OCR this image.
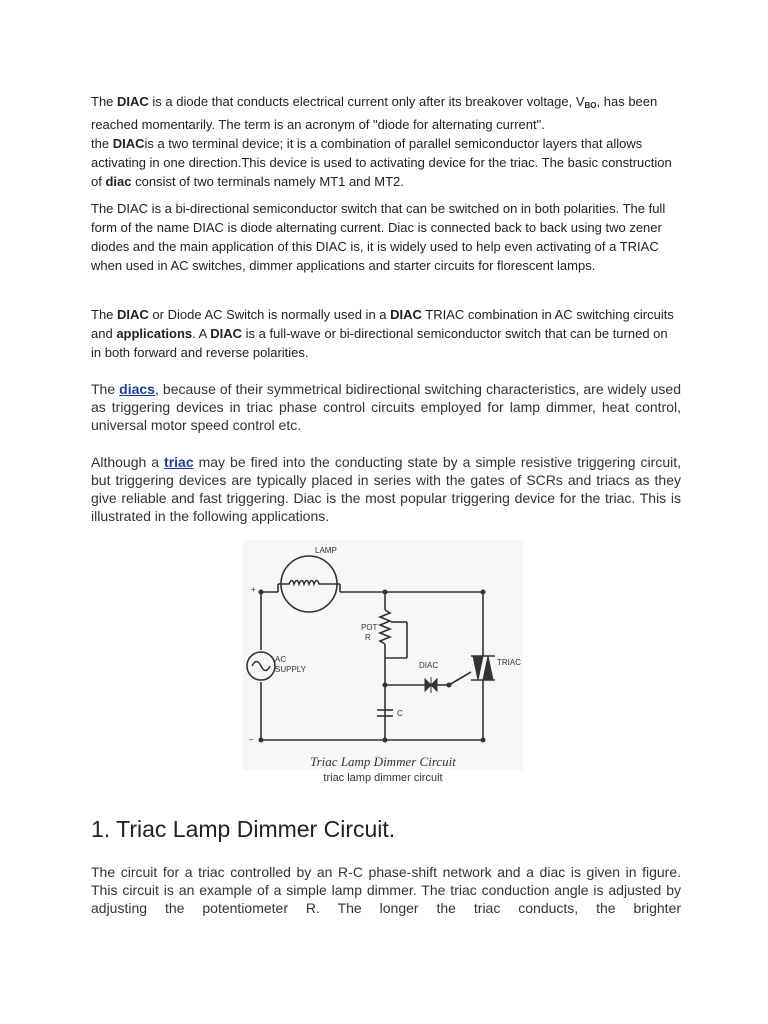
The DIAC is a diode that conducts electrical current only after its breakover voltage, $V_{BO}$, has been reached momentarily. The term is an acronym of "diode for alternating current".
the DIACis a two terminal device; it is a combination of parallel semiconductor layers that allows activating in one direction.This device is used to activating device for the triac. The basic construction of diac consist of two terminals namely MT1 and MT2.

The DIAC is a bi-directional semiconductor switch that can be switched on in both polarities. The full form of the name DIAC is diode alternating current. Diac is connected back to back using two zener diodes and the main application of this DIAC is, it is widely used to help even activating of a TRIAC when used in AC switches, dimmer applications and starter circuits for florescent lamps.

The DIAC or Diode AC Switch is normally used in a DIAC TRIAC combination in AC switching circuits and applications. A DIAC is a full-wave or bi-directional semiconductor switch that can be turned on in both forward and reverse polarities.

The diacs, because of their symmetrical bidirectional switching characteristics, are widely used as triggering devices in triac phase control circuits employed for lamp dimmer, heat control, universal motor speed control etc.

Although a triac may be fired into the conducting state by a simple resistive triggering circuit, but triggering devices are typically placed in series with the gates of SCRs and triacs as they give reliable and fast triggering. Diac is the most popular triggering device for the triac. This is illustrated in the following applications.

LAMP
POT
R
AC
SUPPLY	DIAC	TRIAC
C
+
–
Triac Lamp Dimmer Circuit
triac lamp dimmer circuit
1. Triac Lamp Dimmer Circuit.

The circuit for a triac controlled by an R-C phase-shift network and a diac is given in figure. This circuit is an example of a simple lamp dimmer. The triac conduction angle is adjusted by adjusting the potentiometer R. The longer the triac conducts, the brighter
